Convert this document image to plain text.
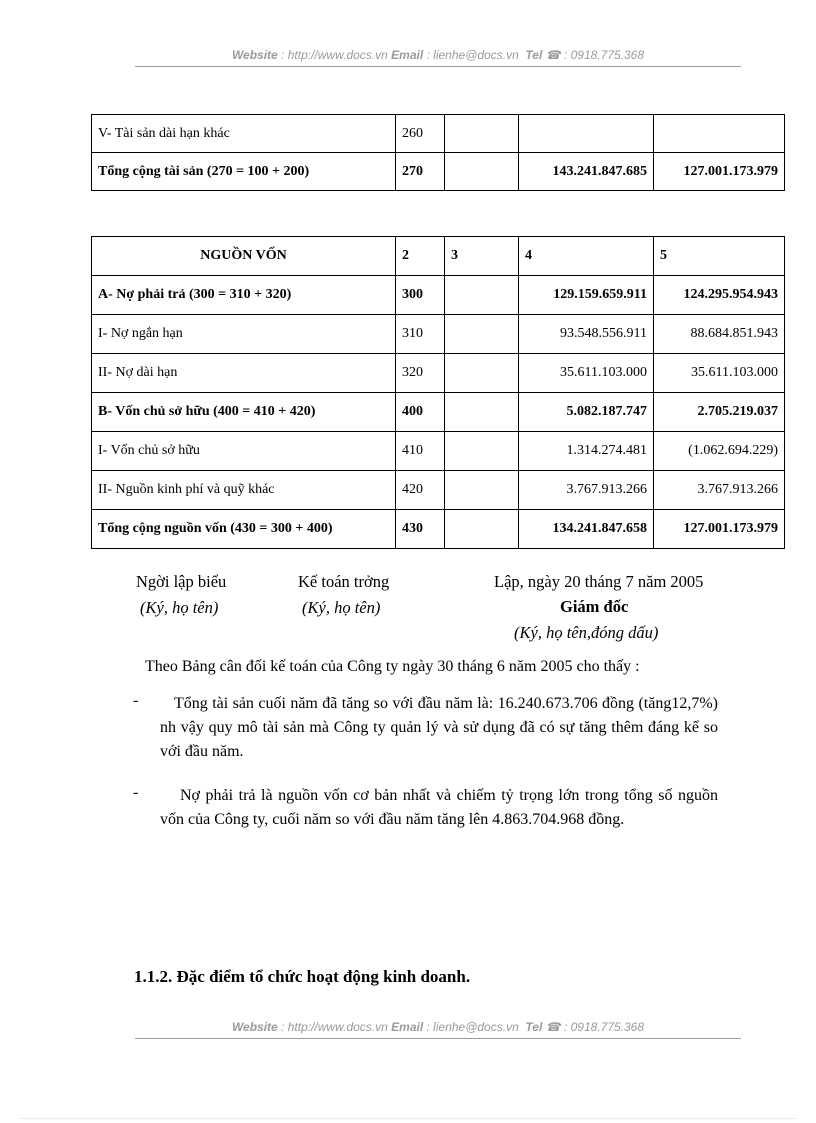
Website : http://www.docs.vn Email : lienhe@docs.vn Tel ☎ : 0918.775.368
V- Tài sản dài hạn khác	260			
Tổng cộng tài sản (270 = 100 + 200)	270		143.241.847.685	127.001.173.979
NGUỒN VỐN	2	3	4	5
A- Nợ phải trả (300 = 310 + 320)	300		129.159.659.911	124.295.954.943
I- Nợ ngắn hạn	310		93.548.556.911	88.684.851.943
II- Nợ dài hạn	320		35.611.103.000	35.611.103.000
B- Vốn chủ sở hữu (400 = 410 + 420)	400		5.082.187.747	2.705.219.037
I- Vốn chủ sở hữu	410		1.314.274.481	(1.062.694.229)
II- Nguồn kinh phí và quỹ khác	420		3.767.913.266	3.767.913.266
Tổng cộng nguồn vốn (430 = 300 + 400)	430		134.241.847.658	127.001.173.979
Ngời lập biểu
(Ký, họ tên)
Kế toán trởng
(Ký, họ tên)
Lập, ngày 20 tháng 7 năm 2005
Giám đốc
(Ký, họ tên,đóng dấu)
Theo Bảng cân đối kế toán của Công ty ngày 30 tháng 6 năm 2005 cho thấy :
-	Tổng tài sản cuối năm đã tăng so với đầu năm là: 16.240.673.706 đồng (tăng12,7%) nh vậy quy mô tài sản mà Công ty quản lý và sử dụng đã có sự tăng thêm đáng kể so với đầu năm.
-	Nợ phải trả là nguồn vốn cơ bản nhất và chiếm tỷ trọng lớn trong tổng số nguồn vốn của Công ty, cuối năm so với đầu năm tăng lên 4.863.704.968 đồng.
1.1.2. Đặc điểm tổ chức hoạt động kinh doanh.
Website : http://www.docs.vn Email : lienhe@docs.vn Tel ☎ : 0918.775.368
